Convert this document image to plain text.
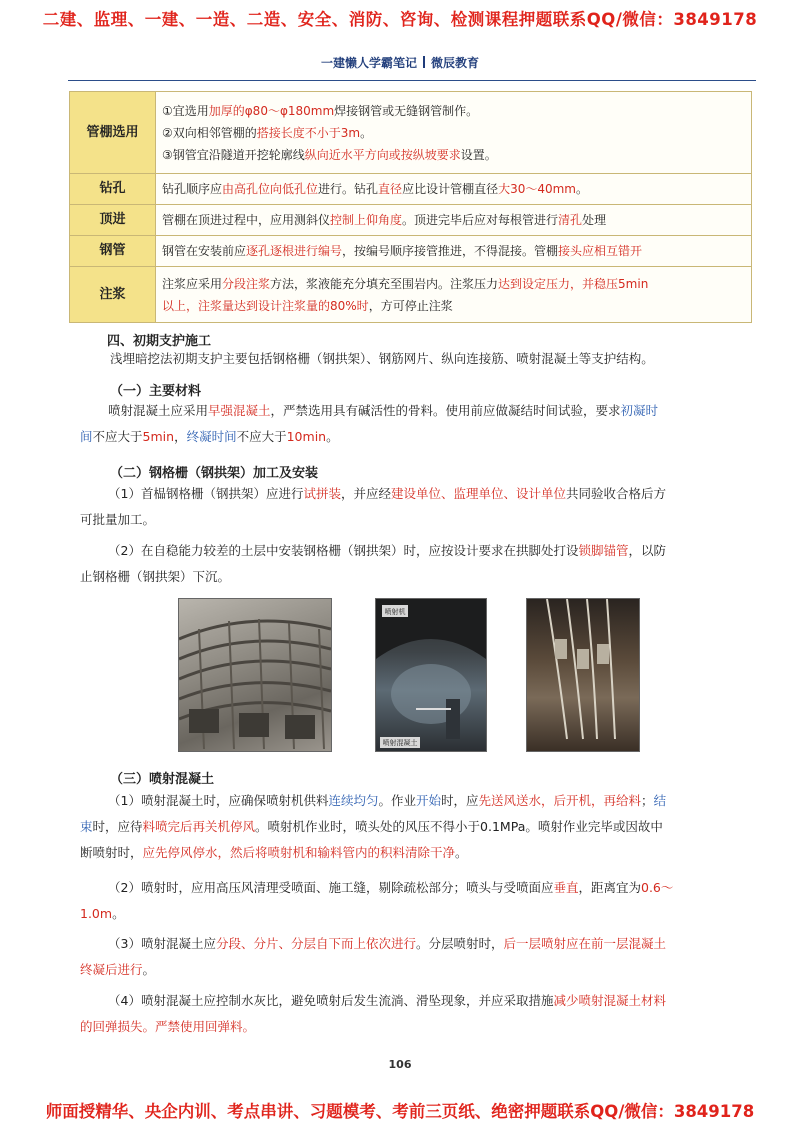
二建、监理、一建、一造、二造、安全、消防、咨询、检测课程押题联系QQ/微信：3849178
一建懒人学霸笔记 微辰教育
管棚选用	①宜选用加厚的φ80～φ180mm焊接钢管或无缝钢管制作。
②双向相邻管棚的搭接长度不小于3m。
③钢管宜沿隧道开挖轮廓线纵向近水平方向或按纵坡要求设置。

钻孔	钻孔顺序应由高孔位向低孔位进行。钻孔直径应比设计管棚直径大30～40mm。

顶进	管棚在顶进过程中，应用测斜仪控制上仰角度。顶进完毕后应对每根管进行清孔处理

钢管	钢管在安装前应逐孔逐根进行编号，按编号顺序接管推进，不得混接。管棚接头应相互错开

注浆	注浆应采用分段注浆方法，浆液能充分填充至围岩内。注浆压力达到设定压力，并稳压5min
以上，注浆量达到设计注浆量的80%时，方可停止注浆
四、初期支护施工
浅埋暗挖法初期支护主要包括钢格栅（钢拱架）、钢筋网片、纵向连接筋、喷射混凝土等支护结构。
（一）主要材料
喷射混凝土应采用早强混凝土，严禁选用具有碱活性的骨料。使用前应做凝结时间试验，要求初凝时
间不应大于5min，终凝时间不应大于10min。
（二）钢格栅（钢拱架）加工及安装
（1）首榀钢格栅（钢拱架）应进行试拼装，并应经建设单位、监理单位、设计单位共同验收合格后方
可批量加工。
（2）在自稳能力较差的土层中安装钢格栅（钢拱架）时，应按设计要求在拱脚处打设锁脚锚管，以防
止钢格栅（钢拱架）下沉。
喷射机
喷射混凝土
（三）喷射混凝土
（1）喷射混凝土时，应确保喷射机供料连续均匀。作业开始时，应先送风送水，后开机，再给料；结
束时，应待料喷完后再关机停风。喷射机作业时，喷头处的风压不得小于0.1MPa。喷射作业完毕或因故中
断喷射时，应先停风停水，然后将喷射机和输料管内的积料清除干净。
（2）喷射时，应用高压风清理受喷面、施工缝，剔除疏松部分；喷头与受喷面应垂直，距离宜为0.6～
1.0m。
（3）喷射混凝土应分段、分片、分层自下而上依次进行。分层喷射时，后一层喷射应在前一层混凝土
终凝后进行。
（4）喷射混凝土应控制水灰比，避免喷射后发生流淌、滑坠现象，并应采取措施减少喷射混凝土材料
的回弹损失。严禁使用回弹料。
106
师面授精华、央企内训、考点串讲、习题模考、考前三页纸、绝密押题联系QQ/微信：3849178
